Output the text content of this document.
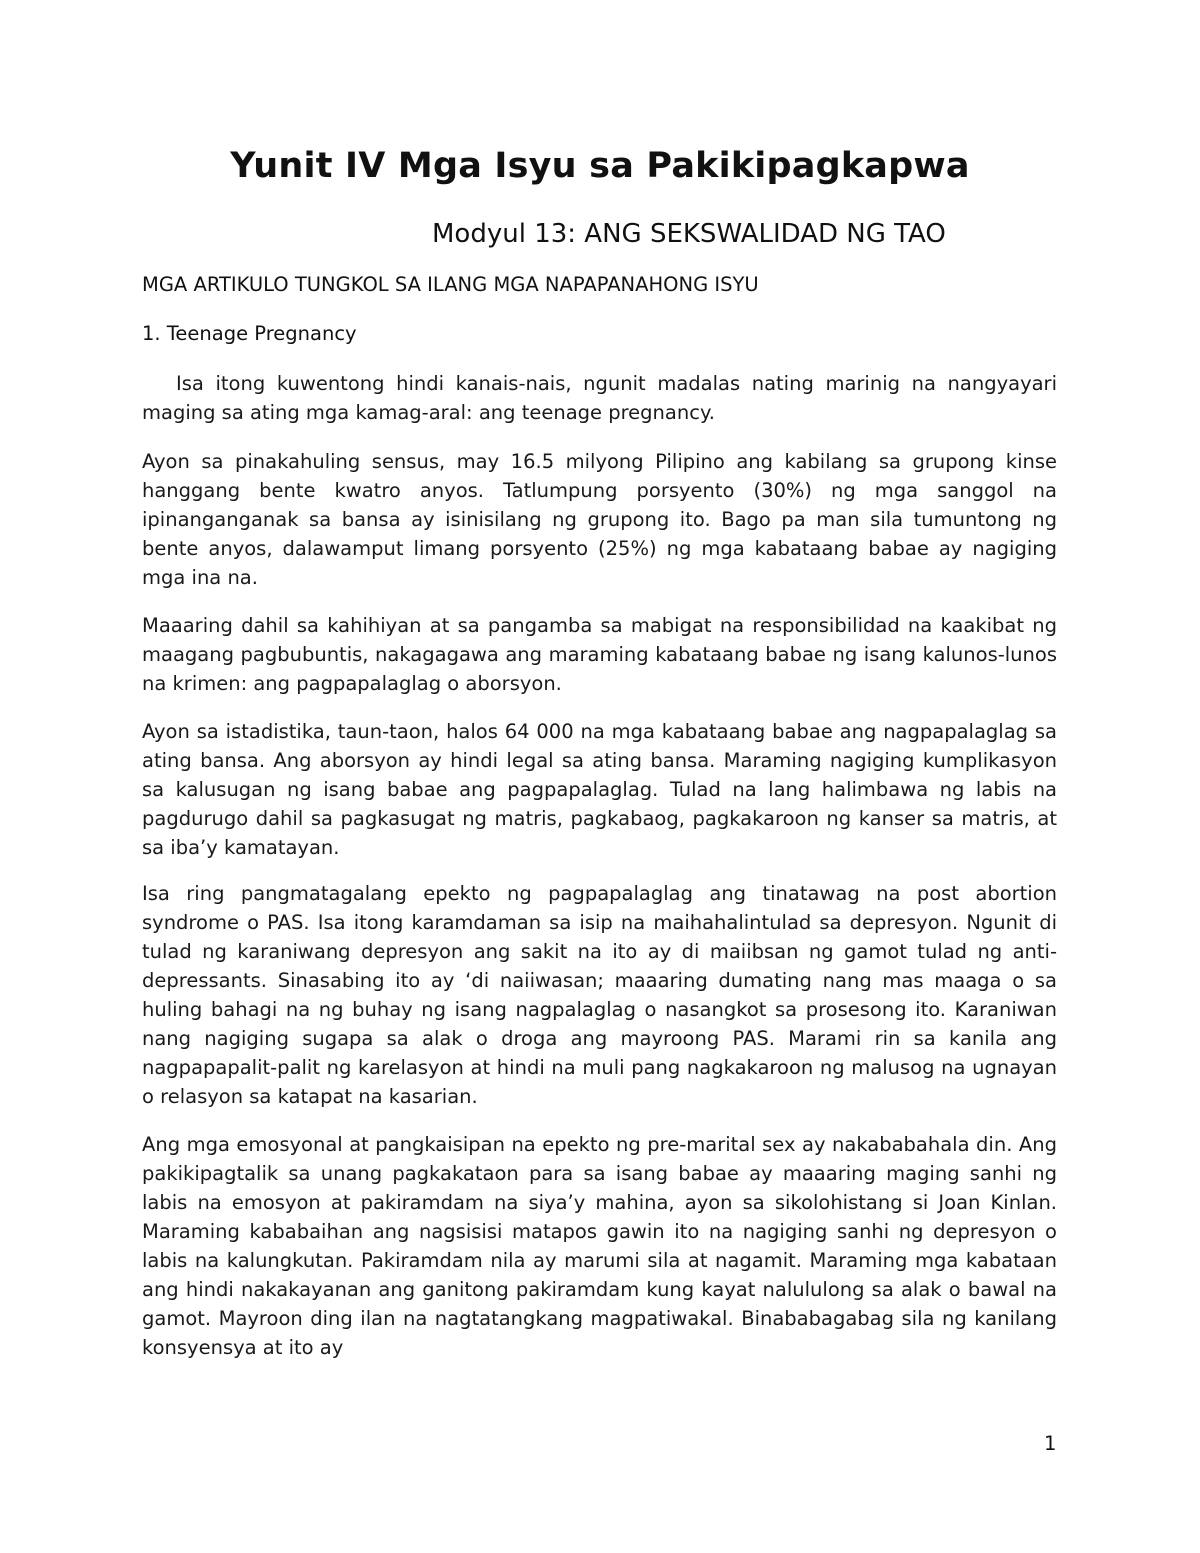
Yunit IV Mga Isyu sa Pakikipagkapwa
Modyul 13: ANG SEKSWALIDAD NG TAO
MGA ARTIKULO TUNGKOL SA ILANG MGA NAPAPANAHONG ISYU
1. Teenage Pregnancy

Isa itong kuwentong hindi kanais-nais, ngunit madalas nating marinig na nangyayari maging sa ating mga kamag-aral: ang teenage pregnancy.

Ayon sa pinakahuling sensus, may 16.5 milyong Pilipino ang kabilang sa grupong kinse hanggang bente kwatro anyos. Tatlumpung porsyento (30%) ng mga sanggol na ipinanganganak sa bansa ay isinisilang ng grupong ito. Bago pa man sila tumuntong ng bente anyos, dalawamput limang porsyento (25%) ng mga kabataang babae ay nagiging mga ina na.

Maaaring dahil sa kahihiyan at sa pangamba sa mabigat na responsibilidad na kaakibat ng maagang pagbubuntis, nakagagawa ang maraming kabataang babae ng isang kalunos-lunos na krimen: ang pagpapalaglag o aborsyon.

Ayon sa istadistika, taun-taon, halos 64 000 na mga kabataang babae ang nagpapalaglag sa ating bansa. Ang aborsyon ay hindi legal sa ating bansa. Maraming nagiging kumplikasyon sa kalusugan ng isang babae ang pagpapalaglag. Tulad na lang halimbawa ng labis na pagdurugo dahil sa pagkasugat ng matris, pagkabaog, pagkakaroon ng kanser sa matris, at sa iba’y kamatayan.

Isa ring pangmatagalang epekto ng pagpapalaglag ang tinatawag na post abortion syndrome o PAS. Isa itong karamdaman sa isip na maihahalintulad sa depresyon. Ngunit di tulad ng karaniwang depresyon ang sakit na ito ay di maiibsan ng gamot tulad ng anti-depressants. Sinasabing ito ay ‘di naiiwasan; maaaring dumating nang mas maaga o sa huling bahagi na ng buhay ng isang nagpalaglag o nasangkot sa prosesong ito. Karaniwan nang nagiging sugapa sa alak o droga ang mayroong PAS. Marami rin sa kanila ang nagpapapalit-palit ng karelasyon at hindi na muli pang nagkakaroon ng malusog na ugnayan o relasyon sa katapat na kasarian.

Ang mga emosyonal at pangkaisipan na epekto ng pre-marital sex ay nakababahala din. Ang pakikipagtalik sa unang pagkakataon para sa isang babae ay maaaring maging sanhi ng labis na emosyon at pakiramdam na siya’y mahina, ayon sa sikolohistang si Joan Kinlan. Maraming kababaihan ang nagsisisi matapos gawin ito na nagiging sanhi ng depresyon o labis na kalungkutan. Pakiramdam nila ay marumi sila at nagamit. Maraming mga kabataan ang hindi nakakayanan ang ganitong pakiramdam kung kayat nalululong sa alak o bawal na gamot. Mayroon ding ilan na nagtatangkang magpatiwakal. Binababagabag sila ng kanilang konsyensya at ito ay

1
